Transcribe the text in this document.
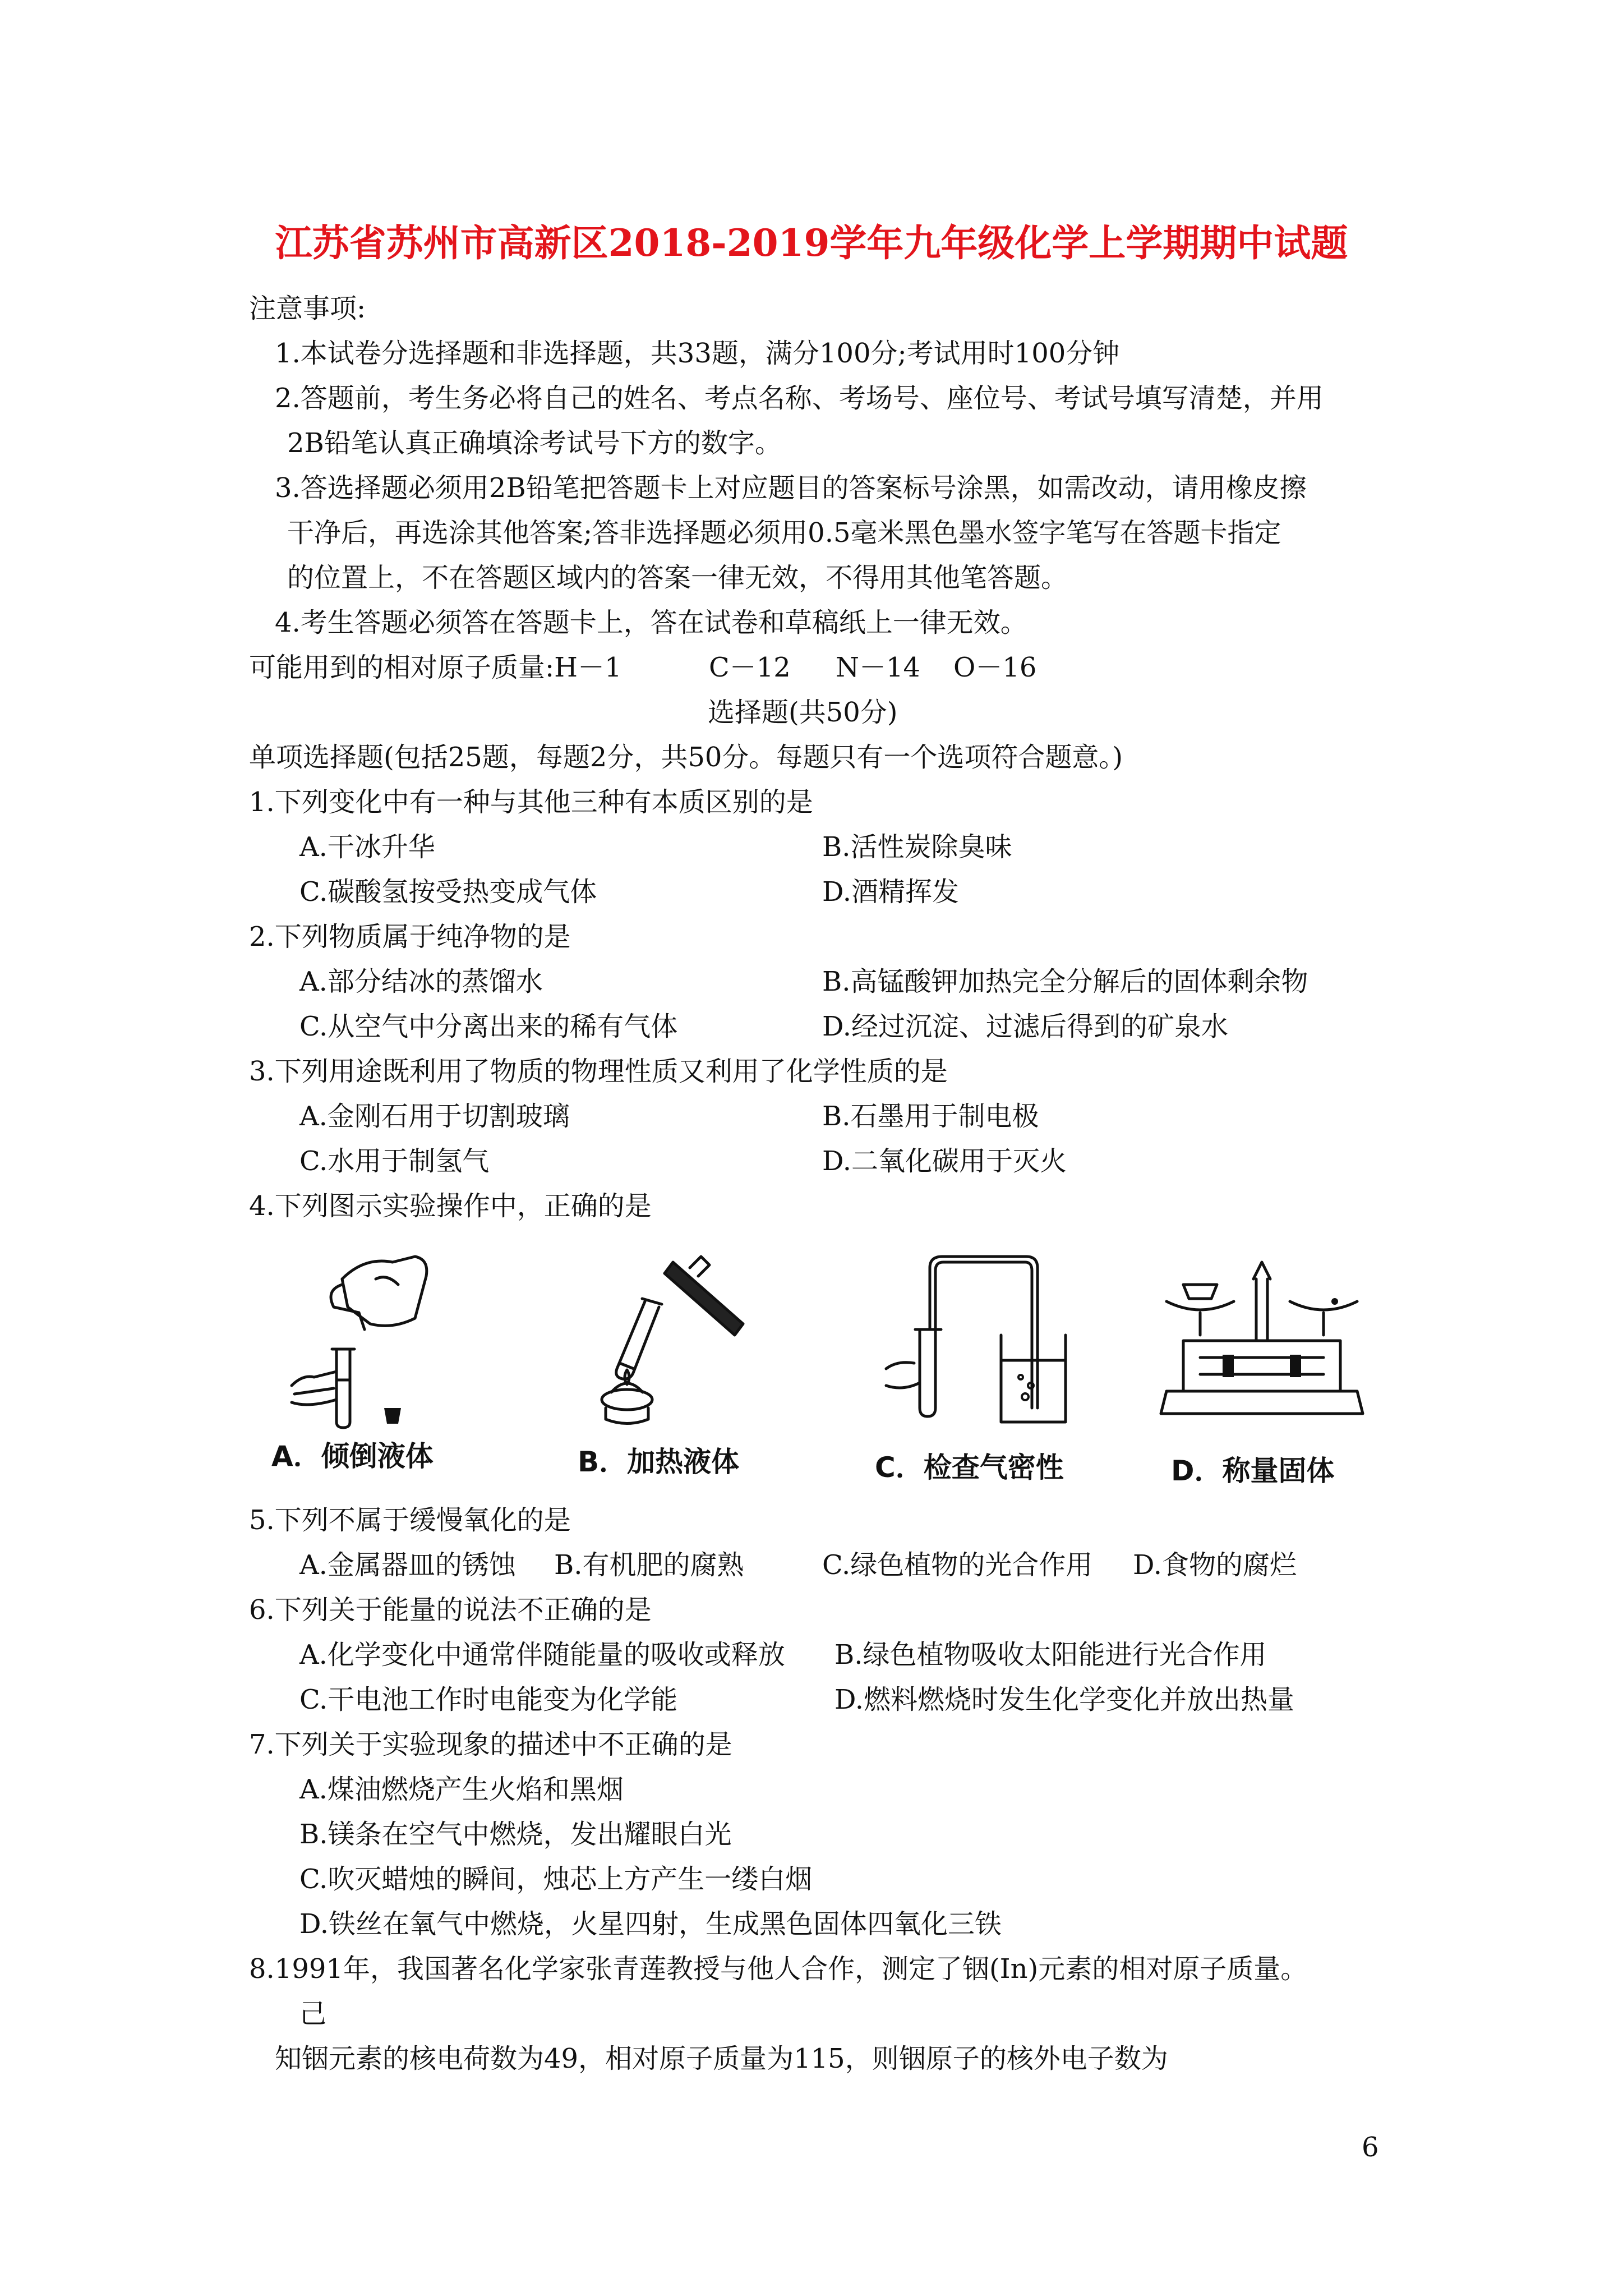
江苏省苏州市高新区2018-2019学年九年级化学上学期期中试题
注意事项:
1.本试卷分选择题和非选择题，共33题，满分100分;考试用时100分钟
2.答题前，考生务必将自己的姓名、考点名称、考场号、座位号、考试号填写清楚，并用
2B铅笔认真正确填涂考试号下方的数字。
3.答选择题必须用2B铅笔把答题卡上对应题目的答案标号涂黑，如需改动，请用橡皮擦
干净后，再选涂其他答案;答非选择题必须用0.5毫米黑色墨水签字笔写在答题卡指定
的位置上，不在答题区域内的答案一律无效，不得用其他笔答题。
4.考生答题必须答在答题卡上，答在试卷和草稿纸上一律无效。
可能用到的相对原子质量:H－1	C－12 N－14 O－16
选择题(共50分)
单项选择题(包括25题，每题2分，共50分。每题只有一个选项符合题意。)
1.下列变化中有一种与其他三种有本质区别的是
A.干冰升华	B.活性炭除臭味
C.碳酸氢按受热变成气体	D.酒精挥发
2.下列物质属于纯净物的是
A.部分结冰的蒸馏水	B.高锰酸钾加热完全分解后的固体剩余物
C.从空气中分离出来的稀有气体	D.经过沉淀、过滤后得到的矿泉水
3.下列用途既利用了物质的物理性质又利用了化学性质的是
A.金刚石用于切割玻璃	B.石墨用于制电极
C.水用于制氢气	D.二氧化碳用于灭火
4.下列图示实验操作中，正确的是
A．倾倒液体	B．加热液体	C．检查气密性	D．称量固体
5.下列不属于缓慢氧化的是
A.金属器皿的锈蚀 B.有机肥的腐熟	C.绿色植物的光合作用 D.食物的腐烂
6.下列关于能量的说法不正确的是
A.化学变化中通常伴随能量的吸收或释放 B.绿色植物吸收太阳能进行光合作用
C.干电池工作时电能变为化学能	D.燃料燃烧时发生化学变化并放出热量
7.下列关于实验现象的描述中不正确的是
A.煤油燃烧产生火焰和黑烟
B.镁条在空气中燃烧，发出耀眼白光
C.吹灭蜡烛的瞬间，烛芯上方产生一缕白烟
D.铁丝在氧气中燃烧，火星四射，生成黑色固体四氧化三铁
8.1991年，我国著名化学家张青莲教授与他人合作，测定了铟(In)元素的相对原子质量。
己
知铟元素的核电荷数为49，相对原子质量为115，则铟原子的核外电子数为
6
